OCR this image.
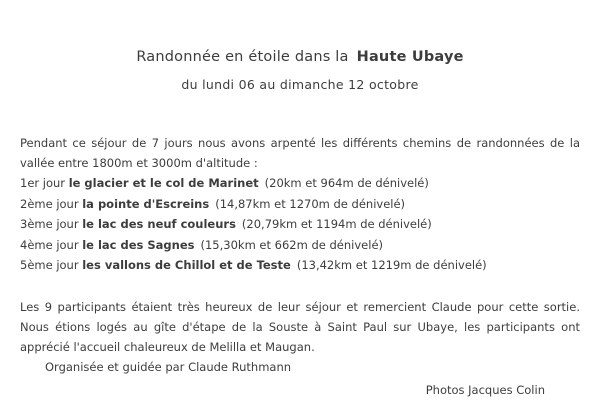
Randonnée en étoile dans la Haute Ubaye
du lundi 06 au dimanche 12 octobre
Pendant ce séjour de 7 jours nous avons arpenté les différents chemins de randonnées de la vallée entre 1800m et 3000m d'altitude :
1er jour le glacier et le col de Marinet (20km et 964m de dénivelé)
2ème jour la pointe d'Escreins (14,87km et 1270m de dénivelé)
3ème jour le lac des neuf couleurs (20,79km et 1194m de dénivelé)
4ème jour le lac des Sagnes (15,30km et 662m de dénivelé)
5ème jour les vallons de Chillol et de Teste (13,42km et 1219m de dénivelé)
Les 9 participants étaient très heureux de leur séjour et remercient Claude pour cette sortie. Nous étions logés au gîte d'étape de la Souste à Saint Paul sur Ubaye, les participants ont apprécié l'accueil chaleureux de Melilla et Maugan.
Organisée et guidée par Claude Ruthmann
Photos Jacques Colin
